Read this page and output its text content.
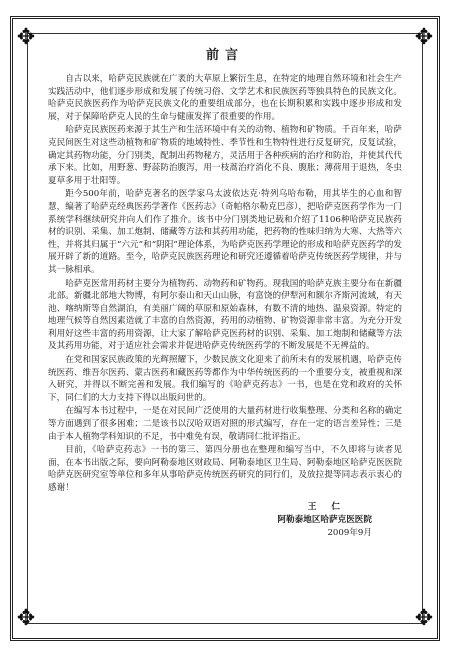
✥	✥
✥	✥
前言

自古以来，哈萨克民族就在广袤的大草原上繁衍生息，在特定的地理自然环境和社会生产实践活动中，他们逐步形成和发展了传统习俗、文学艺术和民族医药等独具特色的民族文化。哈萨克民族医药作为哈萨克民族文化的重要组成部分，也在长期积累和实践中逐步形成和发展，对于保障哈萨克人民的生命与健康发挥了很重要的作用。

哈萨克民族医药来源于其生产和生活环境中有关的动物、植物和矿物质。千百年来，哈萨克民间医生对这些动植物和矿物质的地域特性、季节性和生物特性进行反复研究，反复试验，确定其药物功能，分门别类，配制出药物秘方，灵活用于各种疾病的治疗和防治，并使其代代承下来。比如，用野葱、野蒜防治腹泻，用一枝蒿治疗消化不良、腹胀；薄荷用于退热，冬虫夏草多用于壮阳等。

距今500年前，哈萨克著名的医学家乌太波依达克·特列乌哈布勒，用其毕生的心血和智慧，编著了哈萨克经典医药学著作《医药志》（奇帕格尔勒克巴彦），把哈萨克医药学作为一门系统学科继续研究并向人们作了推介。该书中分门别类地记载和介绍了1106种哈萨克民族药材的识别、采集、加工炮制、储藏等方法和其药用功能，把药物的性味归纳为大寒、大热等六性，并将其归属于“六元”和“阴阳”理论体系，为哈萨克医药学理论的形成和哈萨克医药学的发展开辟了新的道路。至今，哈萨克民族医药理论和研究还遵循着哈萨克传统医药学规律，并与其一脉相承。

哈萨克医常用药材主要分为植物药、动物药和矿物药。现我国的哈萨克族主要分布在新疆北部。新疆北部地大物博，有阿尔泰山和天山山脉，有富饶的伊犁河和额尔齐斯河流域，有天池、喀纳斯等自然湖泊，有美丽广阔的草原和原始森林，有数不清的地热、温泉资源。特定的地理气候等自然因素造就了丰富的自然资源，药用的动植物、矿物资源非常丰富。为充分开发利用好这些丰富的药用资源，让大家了解哈萨克医药材的识别、采集、加工炮制和储藏等方法及其药用功能，对于适应社会需求并促进哈萨克传统医药学的不断发展是不无裨益的。

在党和国家民族政策的光辉照耀下，少数民族文化迎来了前所未有的发展机遇，哈萨克传统医药、维吾尔医药、蒙古医药和藏医药等都作为中华传统医药的一个重要分支，被重视和深入研究，并得以不断完善和发展。我们编写的《哈萨克药志》一书，也是在党和政府的关怀下，同仁们的大力支持下得以出版问世的。

在编写本书过程中，一是在对民间广泛使用的大量药材进行收集整理、分类和名称的确定等方面遇到了很多困难；二是该书以汉哈双语对照的形式编写，存在一定的语言差异性；三是由于本人植物学科知识的不足，书中难免有误，敬请同仁批评指正。

目前，《哈萨克药志》一书的第三、第四分册也在整理和编写当中，不久即将与读者见面，在本书出版之际，要向阿勒泰地区财政局、阿勒泰地区卫生局、阿勒泰地区哈萨克医医院哈萨克医研究室等单位和多年从事哈萨克传统医药研究的同行们，及放拉提等同志表示衷心的感谢！

王 仁
阿勒泰地区哈萨克医医院
2009年9月
